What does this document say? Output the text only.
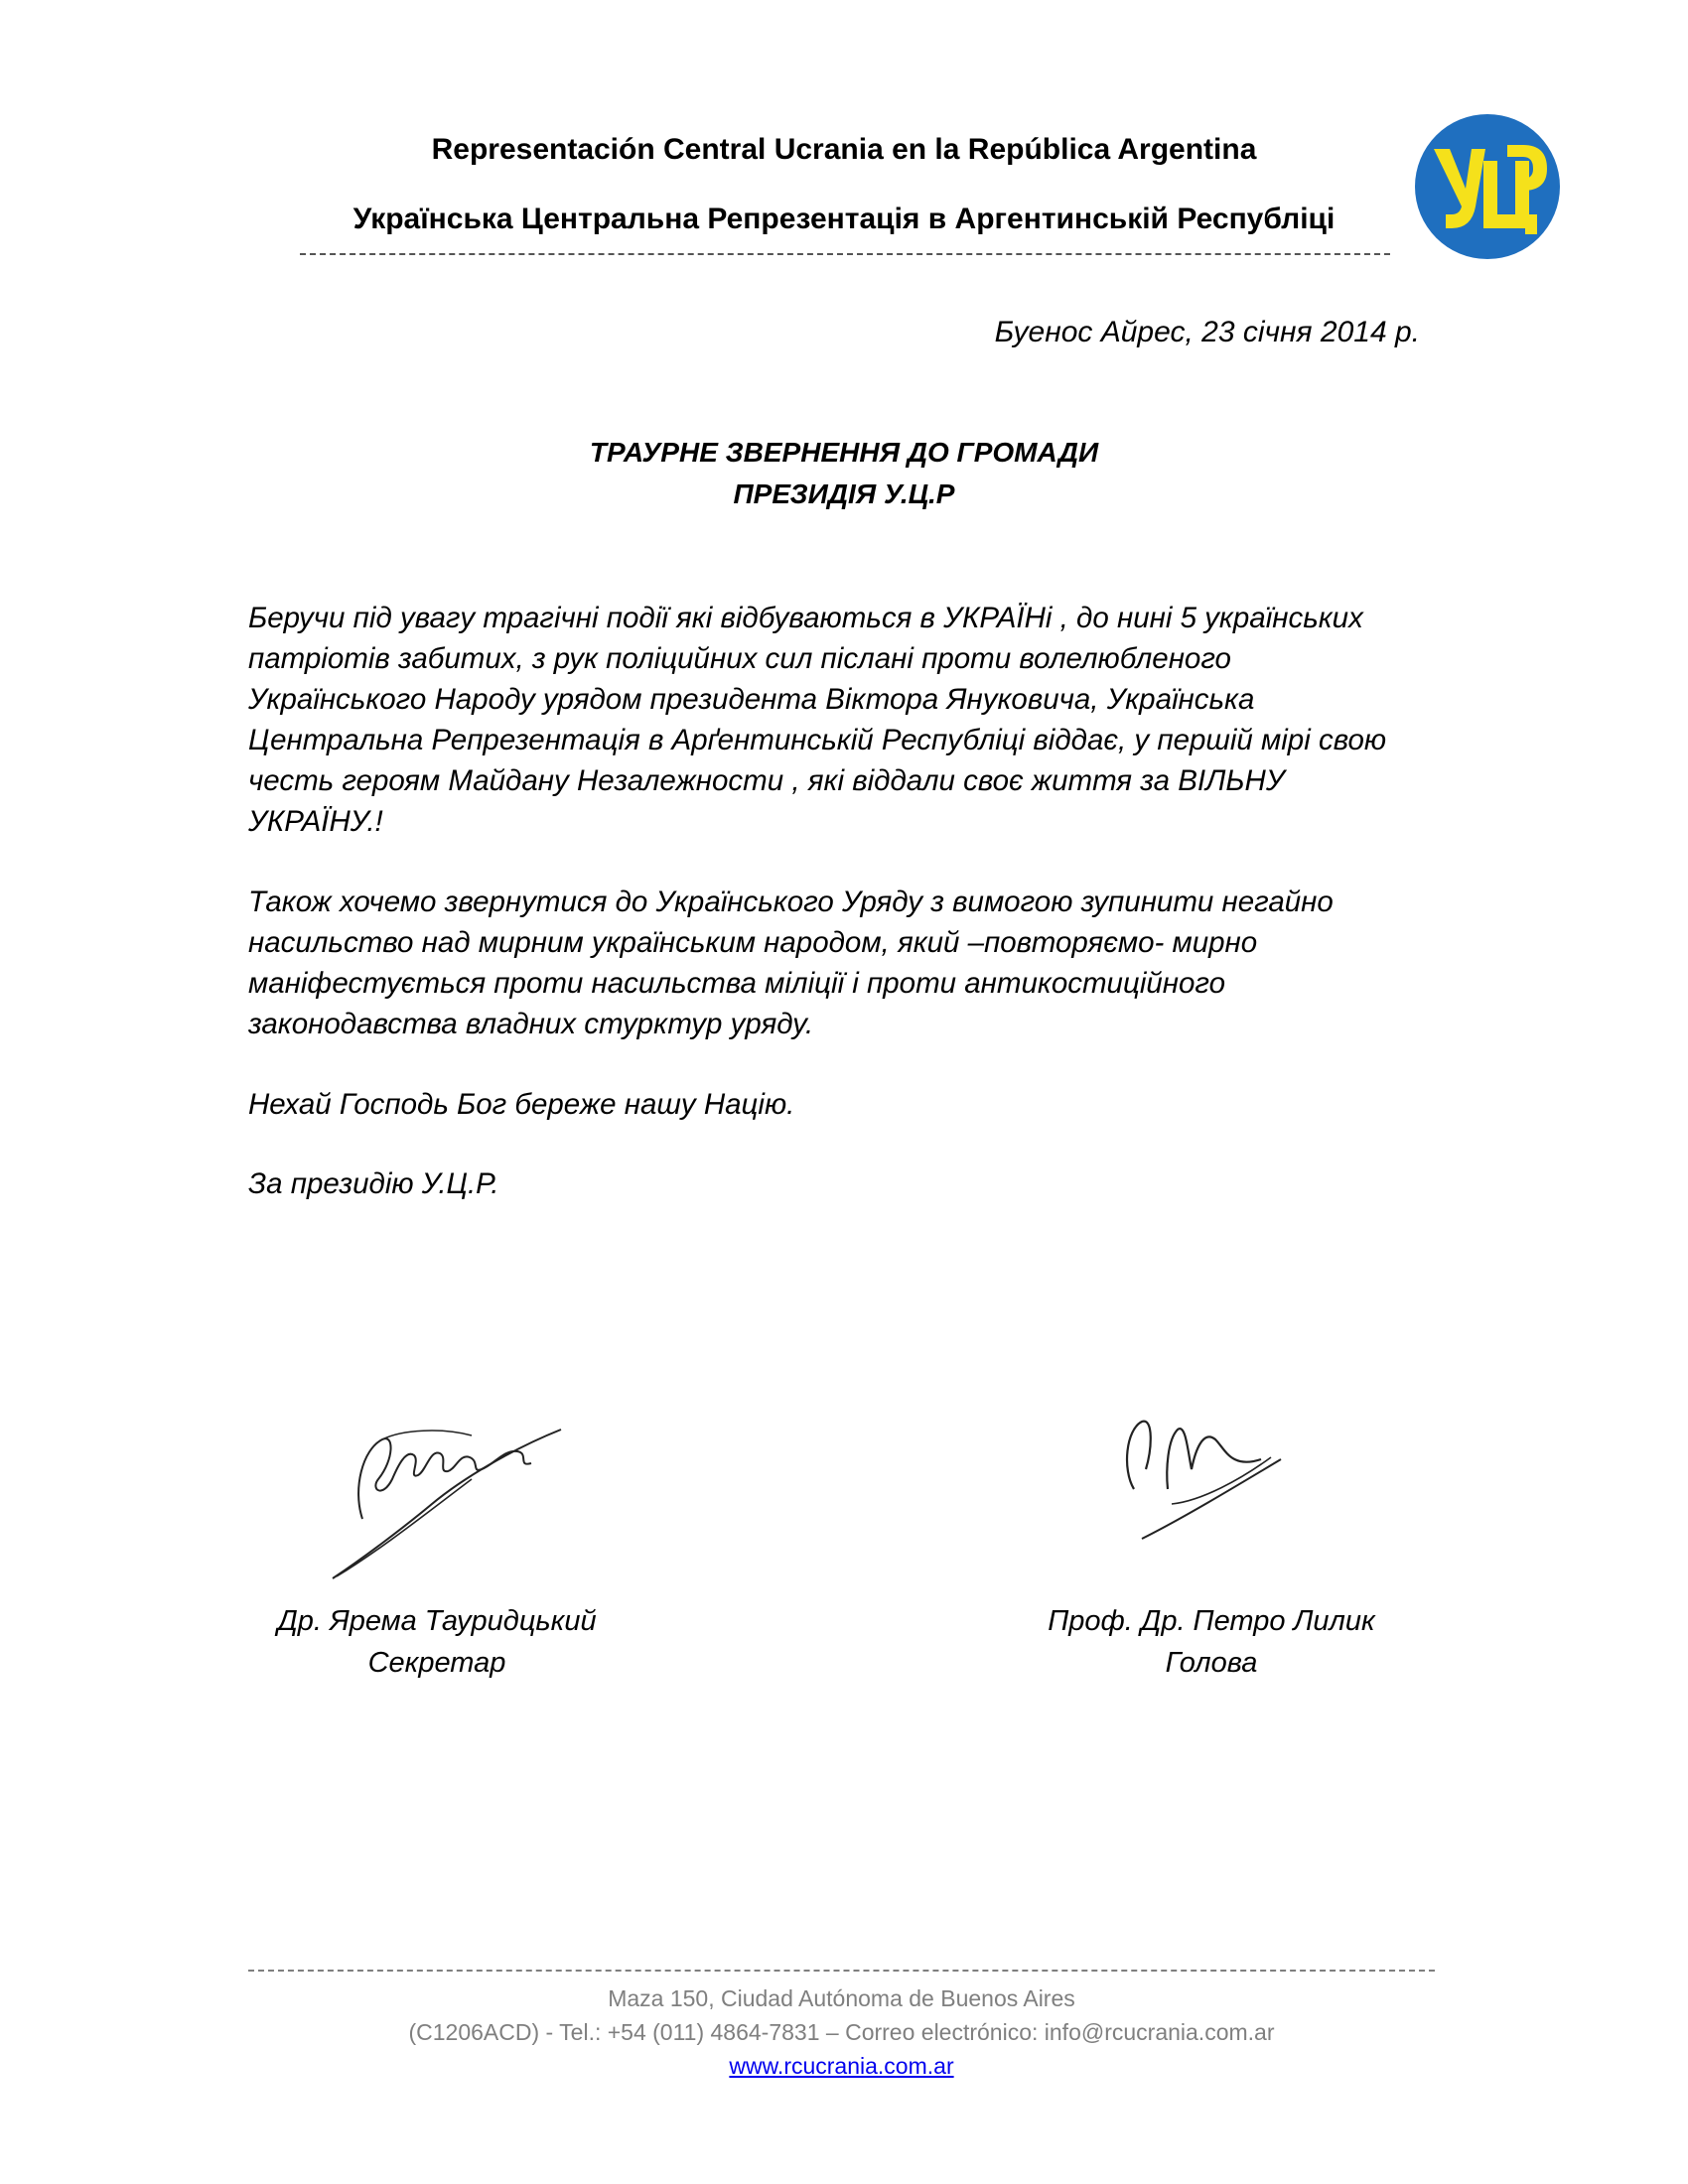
Representación Central Ucrania en la República Argentina
Українська Центральна Репрезентація в Аргентинській Республіці
Буенос Айрес, 23 січня 2014 р.
ТРАУРНЕ ЗВЕРНЕННЯ ДО ГРОМАДИ
ПРЕЗИДІЯ У.Ц.Р
Беручи під увагу трагічні події які відбуваються в УКРАЇНі , до нині 5 українських
патріотів забитих, з рук поліцийних сил післані проти волелюбленого
Українського Народу урядом президента Віктора Януковича, Українська
Центральна Репрезентація в Арґентинській Республіці віддає, у першій мірі свою
честь героям Майдану Незалежности , які віддали своє життя за ВІЛЬНУ
УКРАЇНУ.!
Також хочемо звернутися до Українського Уряду з вимогою зупинити негайно
насильство над мирним українським народом, який –повторяємо- мирно
маніфестується проти насильства міліції і проти антикостиційного
законодавства владних стурктур уряду.
Нехай Господь Бог береже нашу Націю.
За президію У.Ц.Р.
Др. Ярема Тауридцький
Секретар
Проф. Др. Петро Лилик
Голова
Maza 150, Ciudad Autónoma de Buenos Aires
(C1206ACD) - Tel.: +54 (011) 4864-7831 – Correo electrónico: info@rcucrania.com.ar
www.rcucrania.com.ar
